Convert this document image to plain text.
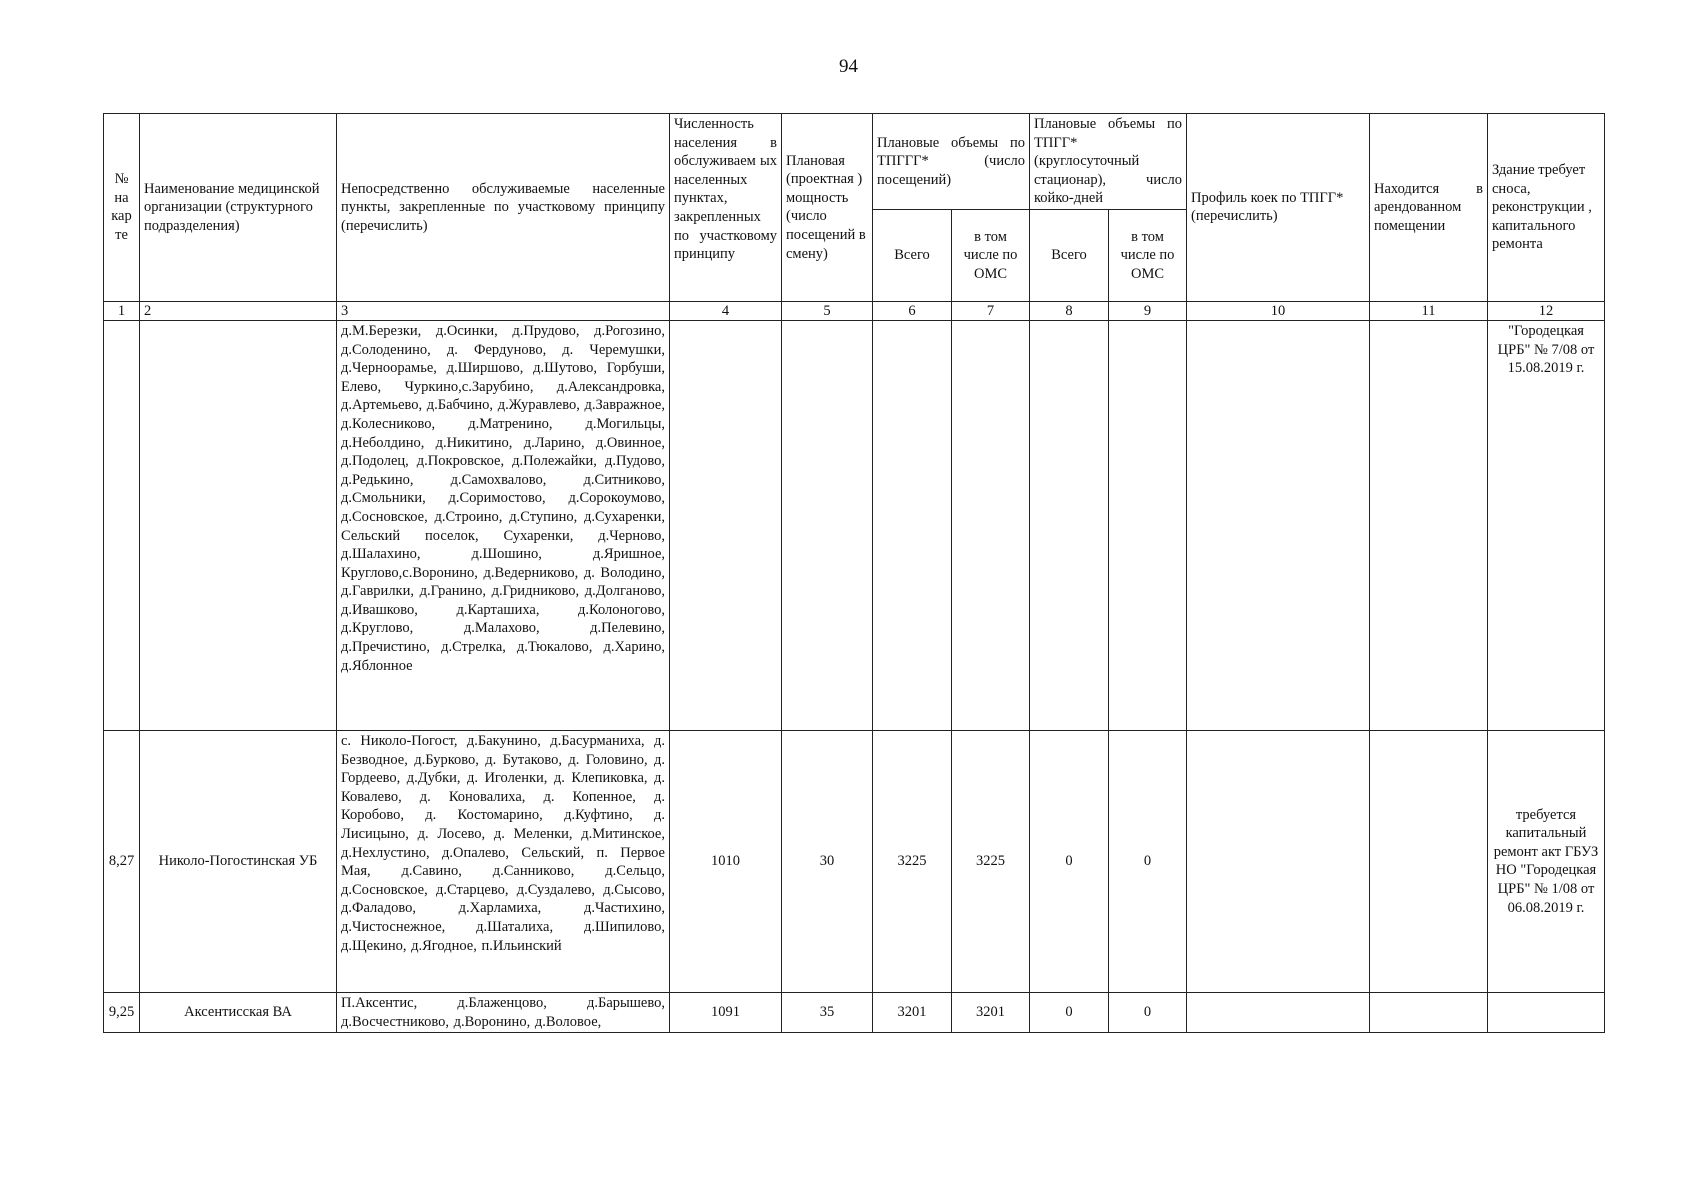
94
№ на кар те	Наименование медицинской организации (структурного подразделения)	Непосредственно обслуживаемые населенные пункты, закрепленные по участковому принципу (перечислить)	Численность населения в обслуживаем ых населенных пунктах, закрепленных по участковому принципу	Плановая (проектная ) мощность (число посещений в смену)	Плановые объемы по ТПГГГ* (число посещений)		Плановые объемы по ТПГГ* (круглосуточный стационар), число койко-дней		Профиль коек по ТПГГ* (перечислить)	Находится в арендованном помещении	Здание требует сноса, реконструкции , капитального ремонта
					Всего	в том числе по ОМС	Всего	в том числе по ОМС			
1	2	3	4	5	6	7	8	9	10	11	12
		д.М.Березки, д.Осинки, д.Прудово, д.Рогозино, д.Солоденино, д. Фердуново, д. Черемушки, д.Черноорамье, д.Ширшово, д.Шутово, Горбуши, Елево, Чуркино,с.Зарубино, д.Александровка, д.Артемьево, д.Бабчино, д.Журавлево, д.Завражное, д.Колесниково, д.Матренино, д.Могильцы, д.Неболдино, д.Никитино, д.Ларино, д.Овинное, д.Подолец, д.Покровское, д.Полежайки, д.Пудово, д.Редькино, д.Самохвалово, д.Ситниково, д.Смольники, д.Соримостово, д.Сорокоумово, д.Сосновское, д.Строино, д.Ступино, д.Сухаренки, Сельский поселок, Сухаренки, д.Черново, д.Шалахино, д.Шошино, д.Яришное, Круглово,с.Воронино, д.Ведерниково, д. Володино, д.Гаврилки, д.Гранино, д.Гридниково, д.Долганово, д.Ивашково, д.Карташиха, д.Колоногово, д.Круглово, д.Малахово, д.Пелевино, д.Пречистино, д.Стрелка, д.Тюкалово, д.Харино, д.Яблонное									"Городецкая ЦРБ" № 7/08 от 15.08.2019 г.
8,27	Николо-Погостинская УБ	с. Николо-Погост, д.Бакунино, д.Басурманиха, д. Безводное, д.Бурково, д. Бутаково, д. Головино, д. Гордеево, д.Дубки, д. Иголенки, д. Клепиковка, д. Ковалево, д. Коновалиха, д. Копенное, д. Коробово, д. Костомарино, д.Куфтино, д. Лисицыно, д. Лосево, д. Меленки, д.Митинское, д.Нехлустино, д.Опалево, Сельский, п. Первое Мая, д.Савино, д.Санниково, д.Сельцо, д.Сосновское, д.Старцево, д.Суздалево, д.Сысово, д.Фаладово, д.Харламиха, д.Частихино, д.Чистоснежное, д.Шаталиха, д.Шипилово, д.Щекино, д.Ягодное, п.Ильинский	1010	30	3225	3225	0	0			требуется капитальный ремонт акт ГБУЗ НО "Городецкая ЦРБ" № 1/08 от 06.08.2019 г.
9,25	Аксентисская ВА	П.Аксентис, д.Блаженцово, д.Барышево, д.Восчестниково, д.Воронино, д.Воловое,	1091	35	3201	3201	0	0			
